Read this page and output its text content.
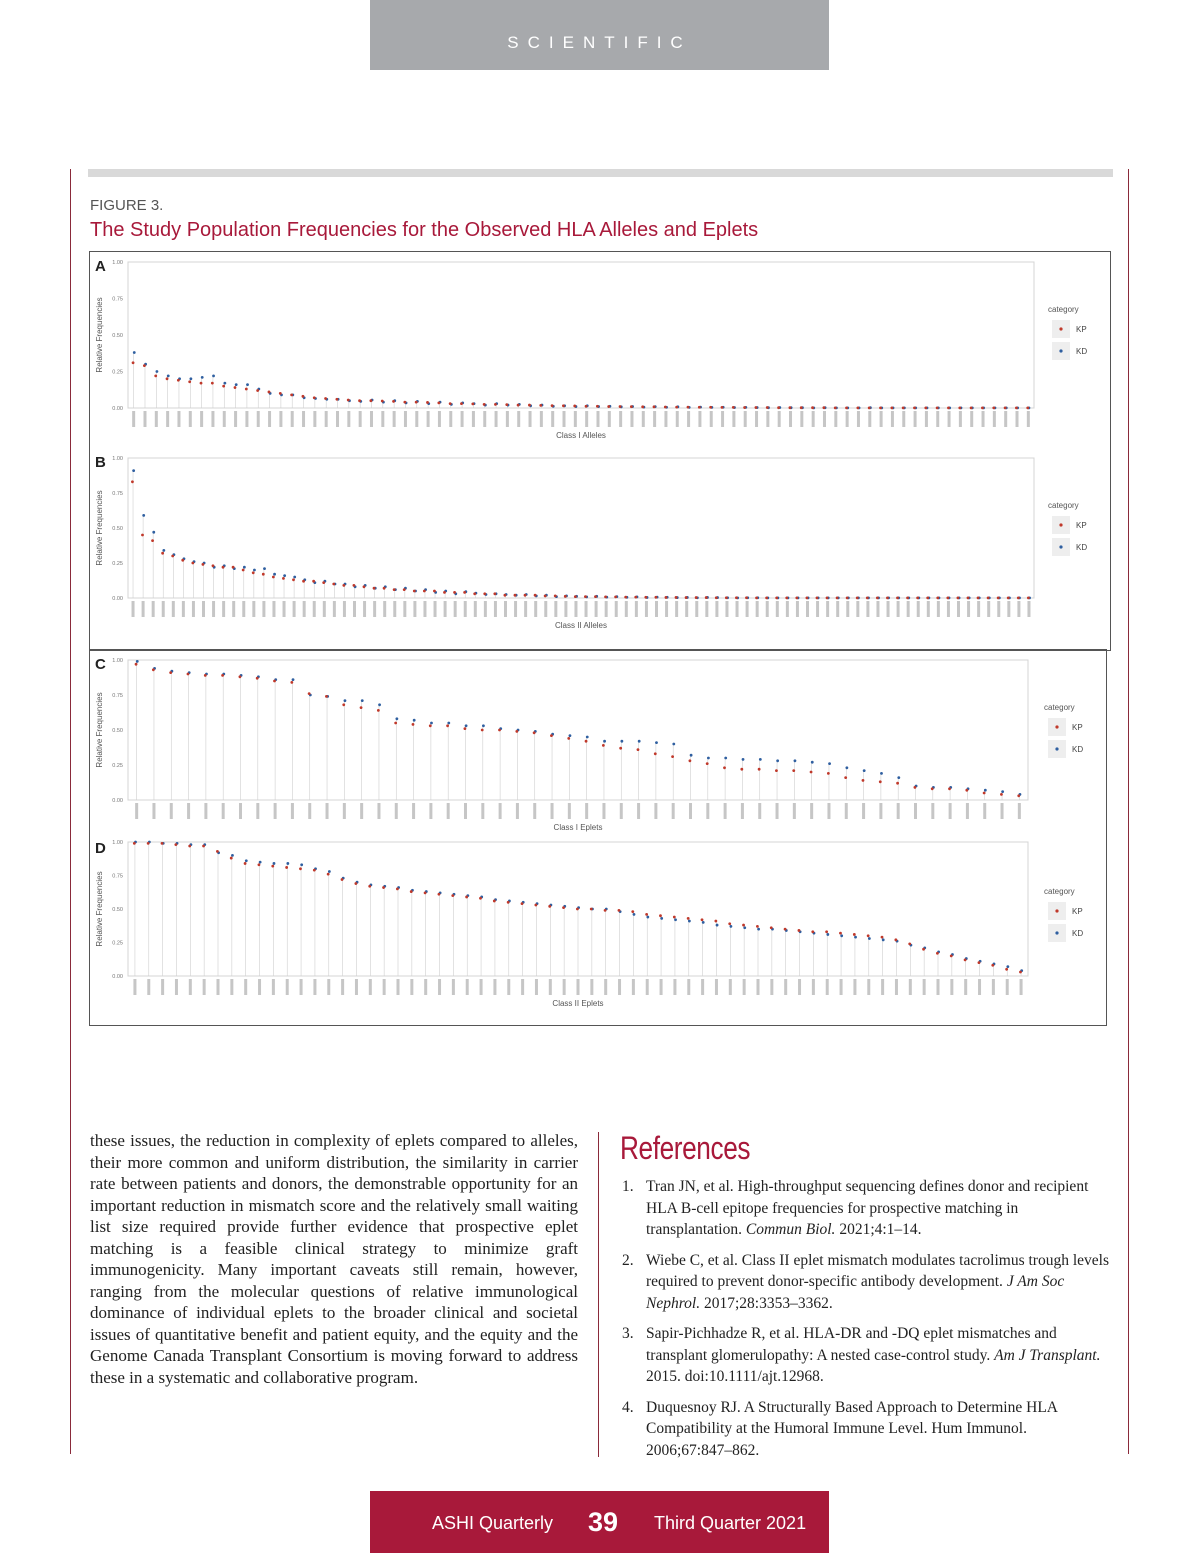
SCIENTIFIC COMMUNICATIONS
FIGURE 3.
The Study Population Frequencies for the Observed HLA Alleles and Eplets
A
0.00
0.25
0.50
0.75
1.00
Relative Frequencies
Class I Alleles
category
KP
KD
B
0.00
0.25
0.50
0.75
1.00
Relative Frequencies
Class II Alleles
category
KP
KD
C
0.00
0.25
0.50
0.75
1.00
Relative Frequencies
Class I Eplets
category
KP
KD
D
0.00
0.25
0.50
0.75
1.00
Relative Frequencies
Class II Eplets
category
KP
KD

these issues, the reduction in complexity of eplets compared to alleles, their more common and uniform distribution, the similarity in carrier rate between patients and donors, the demonstrable opportunity for an important reduction in mismatch score and the relatively small waiting list size required provide further evidence that prospective eplet matching is a feasible clinical strategy to minimize graft immunogenicity. Many important caveats still remain, however, ranging from the molecular questions of relative immunological dominance of individual eplets to the broader clinical and societal issues of quantitative benefit and patient equity, and the equity and the Genome Canada Transplant Consortium is moving forward to address these in a systematic and collaborative program.

References
1. Tran JN, et al. High-throughput sequencing defines donor and recipient HLA B-cell epitope frequencies for prospective matching in transplantation. Commun Biol. 2021;4:1–14.
2. Wiebe C, et al. Class II eplet mismatch modulates tacrolimus trough levels required to prevent donor-specific antibody development. J Am Soc Nephrol. 2017;28:3353–3362.
3. Sapir-Pichhadze R, et al. HLA-DR and -DQ eplet mismatches and transplant glomerulopathy: A nested case-control study. Am J Transplant. 2015. doi:10.1111/ajt.12968.
4. Duquesnoy RJ. A Structurally Based Approach to Determine HLA Compatibility at the Humoral Immune Level. Hum Immunol. 2006;67:847–862.
ASHI Quarterly 39 Third Quarter 2021
